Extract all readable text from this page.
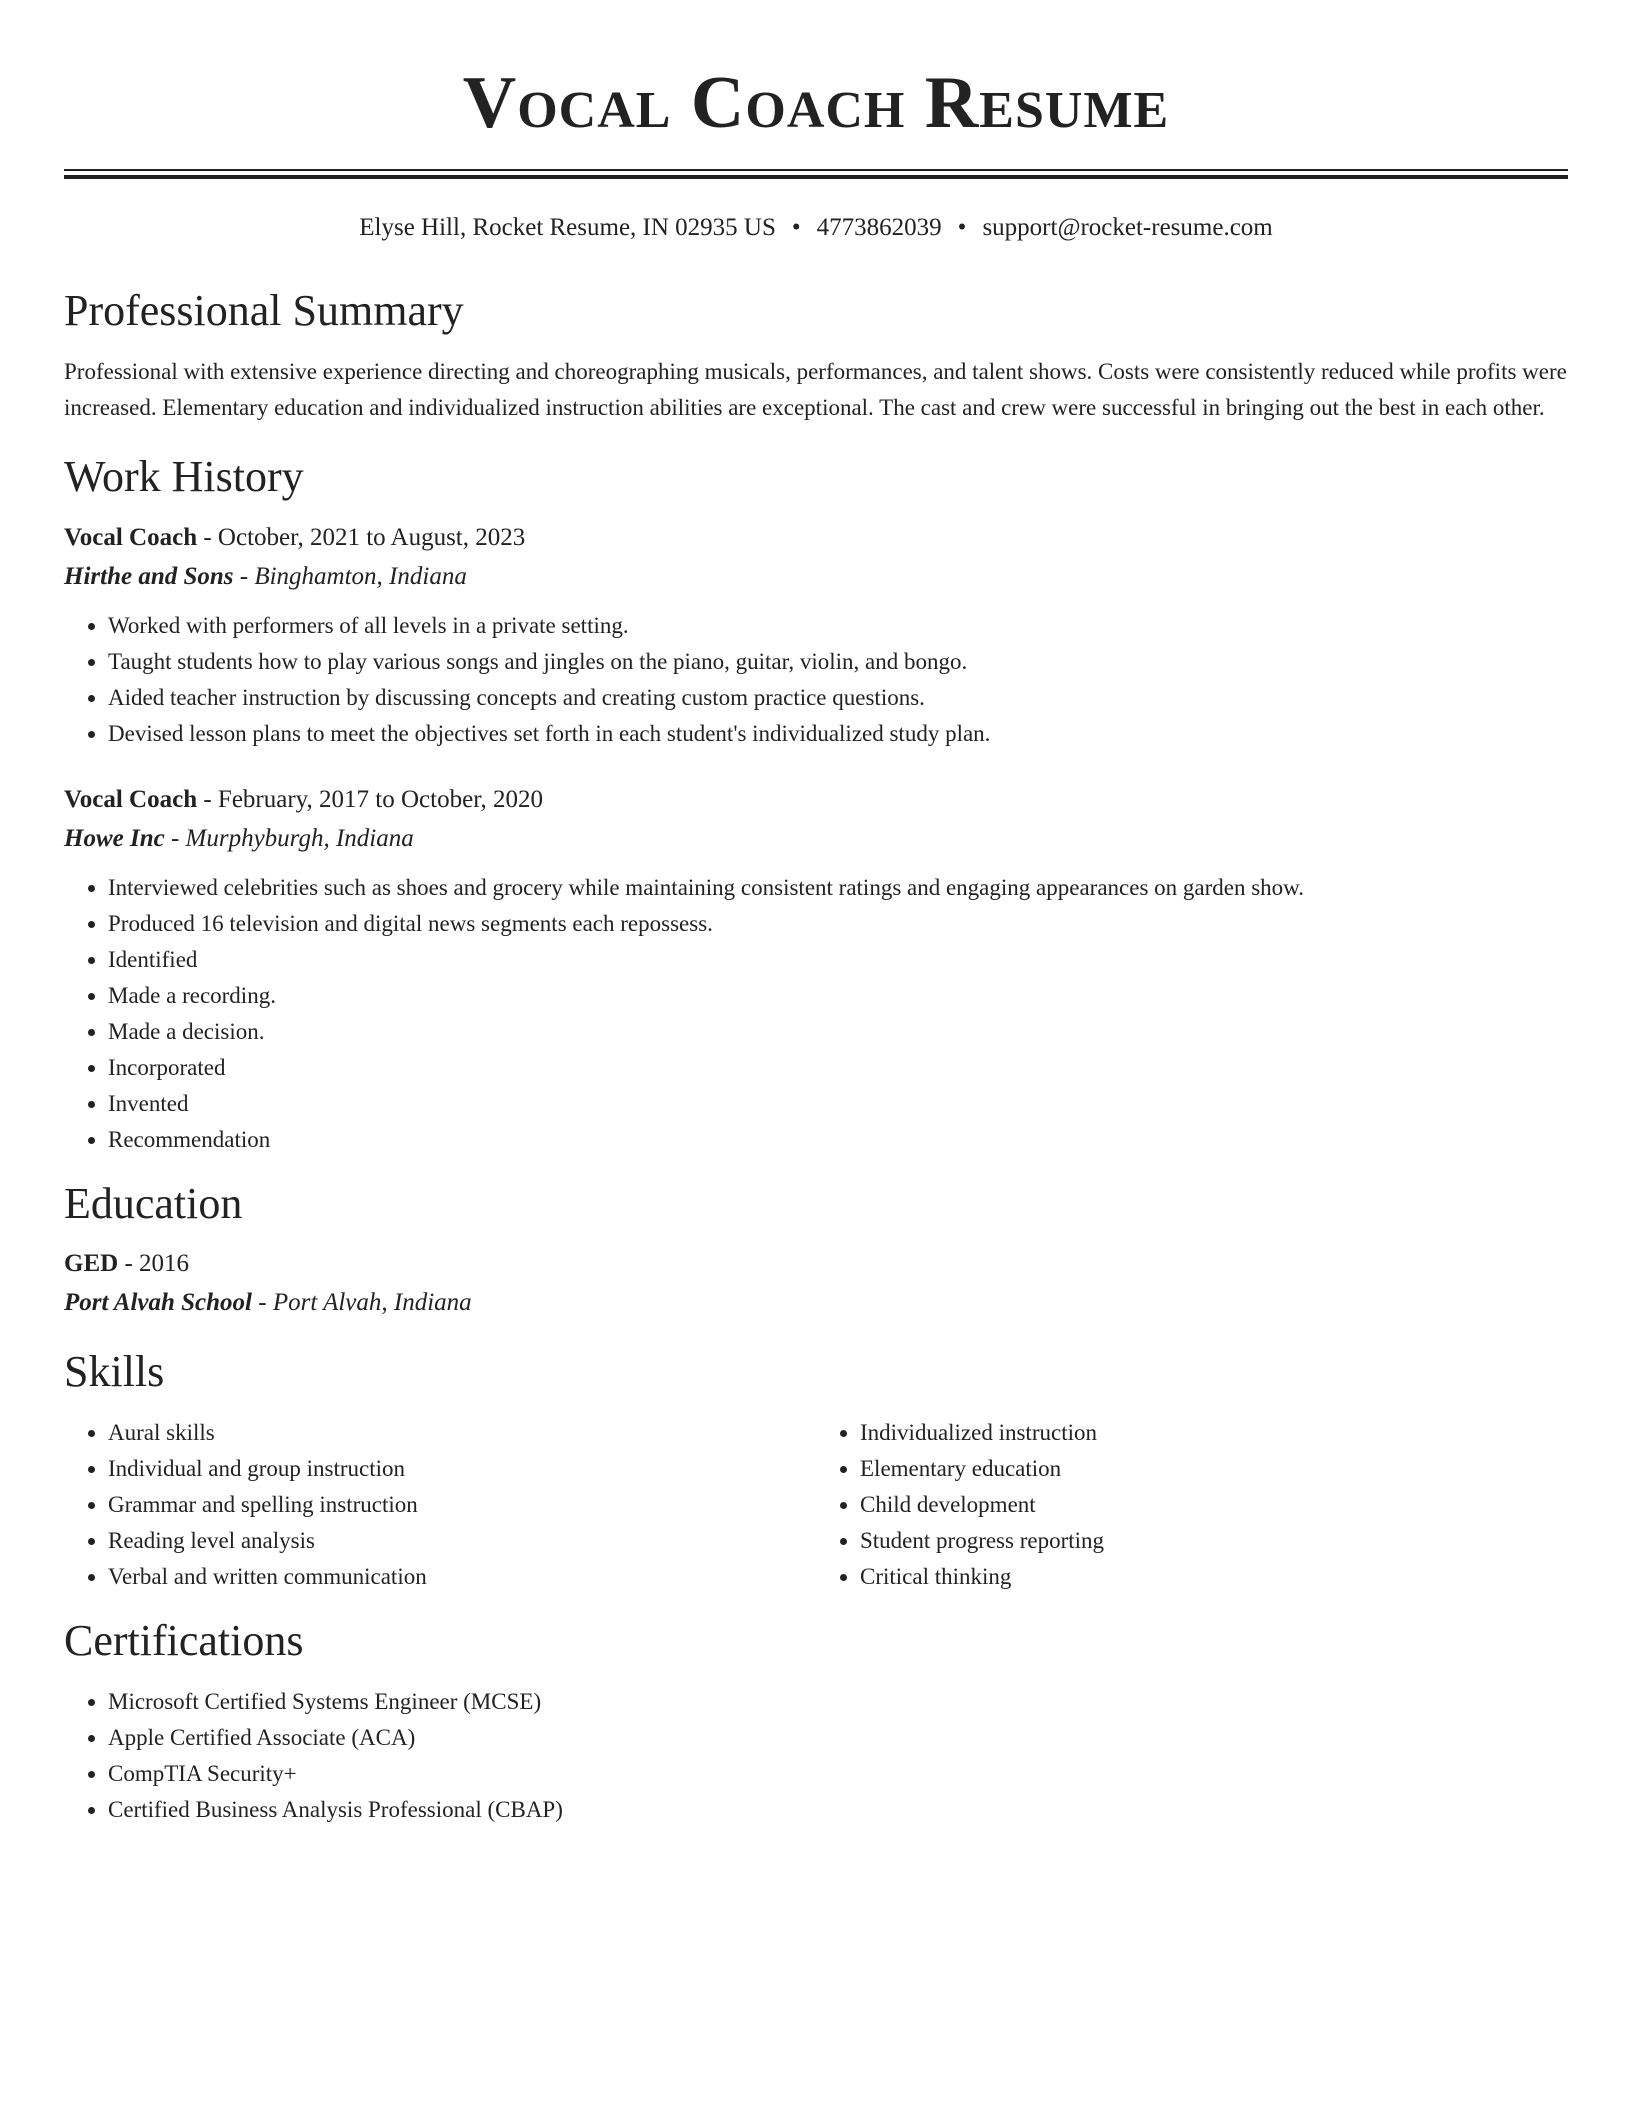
Vocal Coach Resume
Elyse Hill, Rocket Resume, IN 02935 US • 4773862039 • support@rocket-resume.com
Professional Summary

Professional with extensive experience directing and choreographing musicals, performances, and talent shows. Costs were consistently reduced while profits were increased. Elementary education and individualized instruction abilities are exceptional. The cast and crew were successful in bringing out the best in each other.

Work History
Vocal Coach - October, 2021 to August, 2023
Hirthe and Sons - Binghamton, Indiana
• Worked with performers of all levels in a private setting.
• Taught students how to play various songs and jingles on the piano, guitar, violin, and bongo.
• Aided teacher instruction by discussing concepts and creating custom practice questions.
• Devised lesson plans to meet the objectives set forth in each student's individualized study plan.
Vocal Coach - February, 2017 to October, 2020
Howe Inc - Murphyburgh, Indiana
• Interviewed celebrities such as shoes and grocery while maintaining consistent ratings and engaging appearances on garden show.
• Produced 16 television and digital news segments each repossess.
• Identified
• Made a recording.
• Made a decision.
• Incorporated
• Invented
• Recommendation
Education
GED - 2016
Port Alvah School - Port Alvah, Indiana
Skills
• Aural skills
• Individual and group instruction
• Grammar and spelling instruction
• Reading level analysis
• Verbal and written communication
• Individualized instruction
• Elementary education
• Child development
• Student progress reporting
• Critical thinking
Certifications
• Microsoft Certified Systems Engineer (MCSE)
• Apple Certified Associate (ACA)
• CompTIA Security+
• Certified Business Analysis Professional (CBAP)
